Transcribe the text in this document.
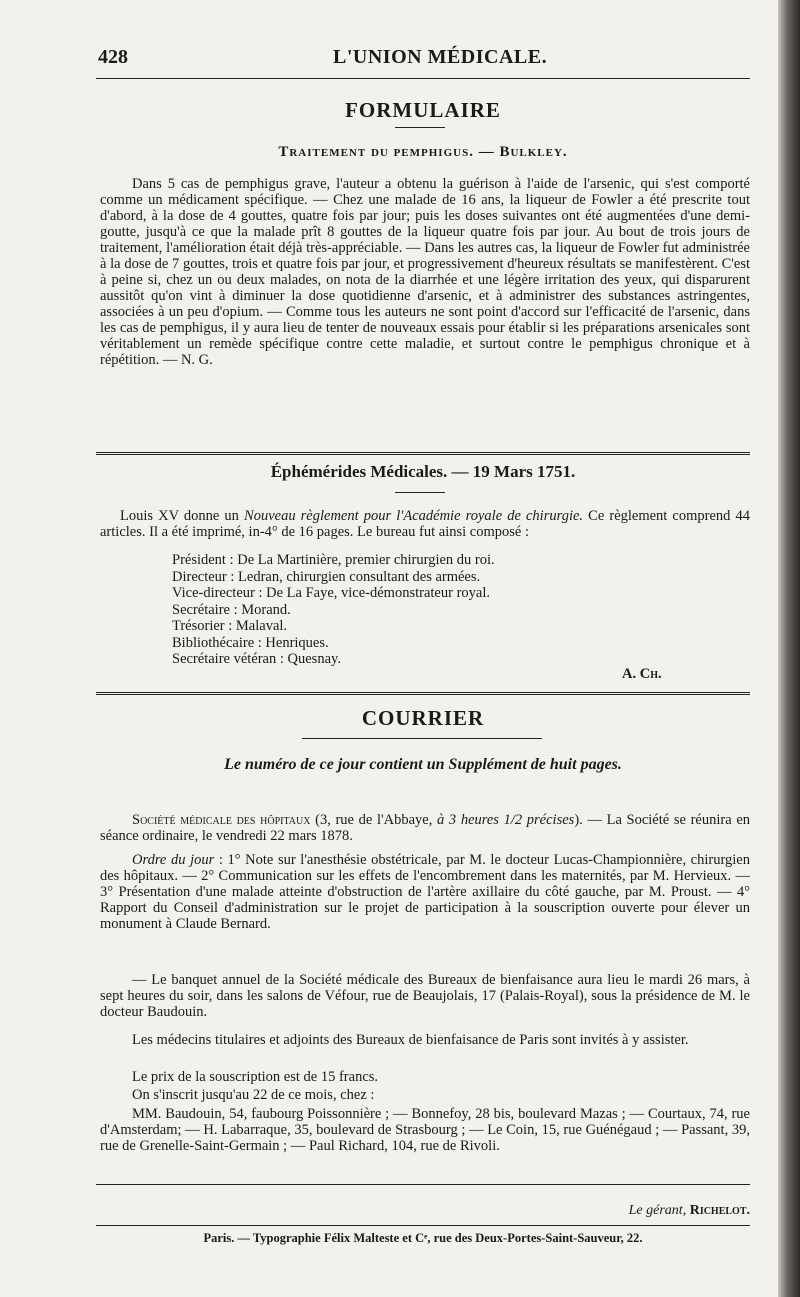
428	L'UNION MÉDICALE.
FORMULAIRE
Traitement du pemphigus. — Bulkley.

Dans 5 cas de pemphigus grave, l'auteur a obtenu la guérison à l'aide de l'arsenic, qui s'est comporté comme un médicament spécifique. — Chez une malade de 16 ans, la liqueur de Fowler a été prescrite tout d'abord, à la dose de 4 gouttes, quatre fois par jour; puis les doses suivantes ont été augmentées d'une demi-goutte, jusqu'à ce que la malade prît 8 gouttes de la liqueur quatre fois par jour. Au bout de trois jours de traitement, l'amélioration était déjà très-appréciable. — Dans les autres cas, la liqueur de Fowler fut administrée à la dose de 7 gouttes, trois et quatre fois par jour, et progressivement d'heureux résultats se manifestèrent. C'est à peine si, chez un ou deux malades, on nota de la diarrhée et une légère irritation des yeux, qui disparurent aussitôt qu'on vint à diminuer la dose quotidienne d'arsenic, et à administrer des substances astringentes, associées à un peu d'opium. — Comme tous les auteurs ne sont point d'accord sur l'efficacité de l'arsenic, dans les cas de pemphigus, il y aura lieu de tenter de nouveaux essais pour établir si les préparations arsenicales sont véritablement un remède spécifique contre cette maladie, et surtout contre le pemphigus chronique et à répétition. — N. G.

Éphémérides Médicales. — 19 Mars 1751.

Louis XV donne un Nouveau règlement pour l'Académie royale de chirurgie. Ce règlement comprend 44 articles. Il a été imprimé, in-4° de 16 pages. Le bureau fut ainsi composé :

Président : De La Martinière, premier chirurgien du roi.
Directeur : Ledran, chirurgien consultant des armées.
Vice-directeur : De La Faye, vice-démonstrateur royal.
Secrétaire : Morand.
Trésorier : Malaval.
Bibliothécaire : Henriques.
Secrétaire vétéran : Quesnay.
A. Ch.
COURRIER
Le numéro de ce jour contient un Supplément de huit pages.

Société médicale des hôpitaux (3, rue de l'Abbaye, à 3 heures 1/2 précises). — La Société se réunira en séance ordinaire, le vendredi 22 mars 1878.

Ordre du jour : 1° Note sur l'anesthésie obstétricale, par M. le docteur Lucas-Championnière, chirurgien des hôpitaux. — 2° Communication sur les effets de l'encombrement dans les maternités, par M. Hervieux. — 3° Présentation d'une malade atteinte d'obstruction de l'artère axillaire du côté gauche, par M. Proust. — 4° Rapport du Conseil d'administration sur le projet de participation à la souscription ouverte pour élever un monument à Claude Bernard.

— Le banquet annuel de la Société médicale des Bureaux de bienfaisance aura lieu le mardi 26 mars, à sept heures du soir, dans les salons de Véfour, rue de Beaujolais, 17 (Palais-Royal), sous la présidence de M. le docteur Baudouin.

Les médecins titulaires et adjoints des Bureaux de bienfaisance de Paris sont invités à y assister.

Le prix de la souscription est de 15 francs.

On s'inscrit jusqu'au 22 de ce mois, chez :

MM. Baudouin, 54, faubourg Poissonnière ; — Bonnefoy, 28 bis, boulevard Mazas ; — Courtaux, 74, rue d'Amsterdam; — H. Labarraque, 35, boulevard de Strasbourg ; — Le Coin, 15, rue Guénégaud ; — Passant, 39, rue de Grenelle-Saint-Germain ; — Paul Richard, 104, rue de Rivoli.

Le gérant, Richelot.
Paris. — Typographie Félix Malteste et Cᵉ, rue des Deux-Portes-Saint-Sauveur, 22.
